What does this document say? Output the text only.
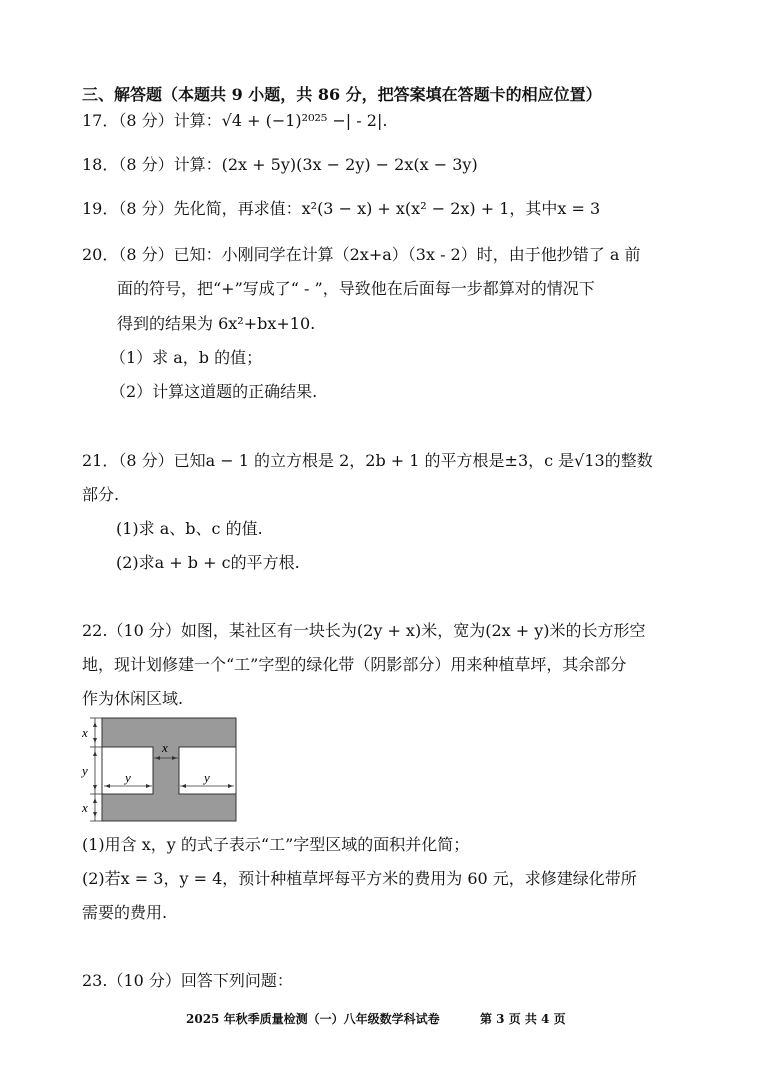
三、解答题（本题共 9 小题，共 86 分，把答案填在答题卡的相应位置）
17．（8 分）计算：√4 + (−1)²⁰²⁵ −| - 2|.
18．（8 分）计算：(2x + 5y)(3x − 2y) − 2x(x − 3y)
19．（8 分）先化简，再求值：x²(3 − x) + x(x² − 2x) + 1，其中x = 3
20．（8 分）已知：小刚同学在计算（2x+a）（3x - 2）时，由于他抄错了 a 前
面的符号，把“+”写成了“ - ”，导致他在后面每一步都算对的情况下
得到的结果为 6x²+bx+10.
（1）求 a，b 的值；
（2）计算这道题的正确结果.
21．（8 分）已知a − 1 的立方根是 2，2b + 1 的平方根是±3，c 是√13的整数
部分.
(1)求 a、b、c 的值.
(2)求a + b + c的平方根.
22.（10 分）如图，某社区有一块长为(2y + x)米，宽为(2x + y)米的长方形空
地，现计划修建一个“工”字型的绿化带（阴影部分）用来种植草坪，其余部分
作为休闲区域.
x
y
x
x
y	y
(1)用含 x，y 的式子表示“工”字型区域的面积并化简；
(2)若x = 3，y = 4，预计种植草坪每平方米的费用为 60 元，求修建绿化带所
需要的费用.
23.（10 分）回答下列问题：
2025 年秋季质量检测（一）八年级数学科试卷	第 3 页 共 4 页
